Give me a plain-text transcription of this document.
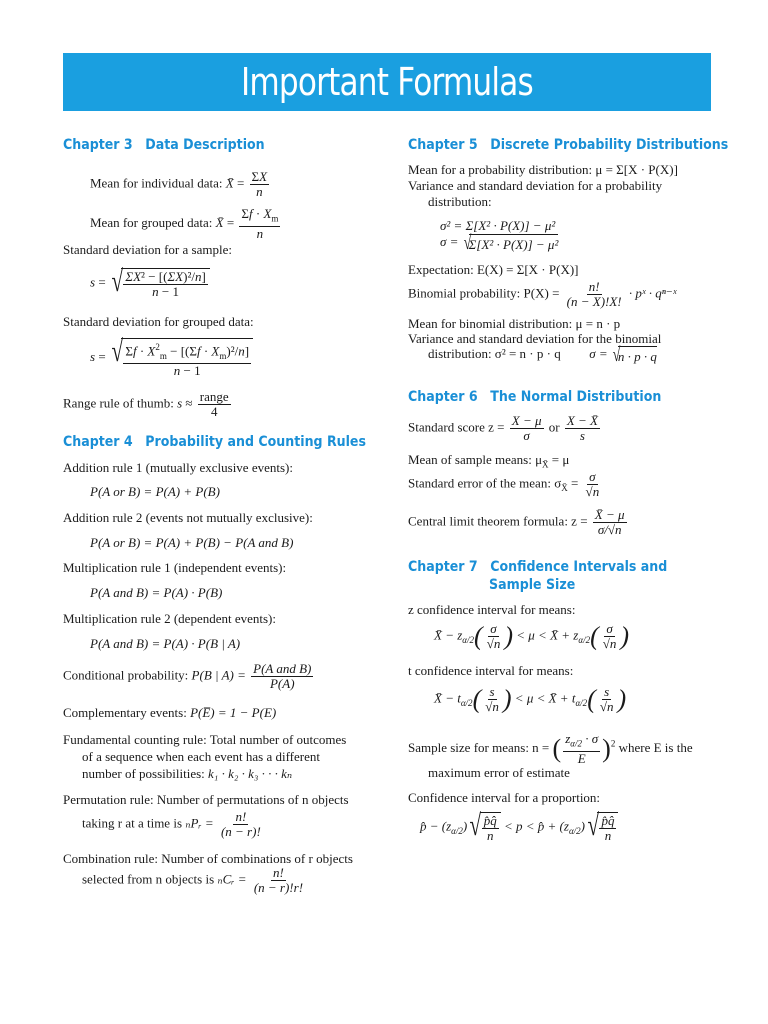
Important Formulas
Chapter 3 Data Description
Mean for individual data: X̄ = $\frac{\Sigma X}{n}$
Mean for grouped data: X̄ = $\frac{\Sigma f \cdot X_m}{n}$
Standard deviation for a sample:
s = √ $\frac{\text{ΣX² − [(ΣX)²/n]}}{n - 1}$
Standard deviation for grouped data:
s = √ $\frac{\Sigma f \cdot X^2_m - [(\Sigma f \cdot X_m)^2/n]}{n - 1}$
Range rule of thumb: $s \approx \frac{\text{range}}{4}$
Chapter 4 Probability and Counting Rules
Addition rule 1 (mutually exclusive events):
P(A or B) = P(A) + P(B)
Addition rule 2 (events not mutually exclusive):
P(A or B) = P(A) + P(B) − P(A and B)
Multiplication rule 1 (independent events):
P(A and B) = P(A) · P(B)
Multiplication rule 2 (dependent events):
P(A and B) = P(A) · P(B | A)
Conditional probability: P(B | $A) = \frac{\text{P(A and B)}}{P(A)}$
Complementary events: P(E̅) = 1 − P(E)
Fundamental counting rule: Total number of outcomes
of a sequence when each event has a different
number of possibilities: k₁ · k₂ · k₃ · · · kₙ
Permutation rule: Number of permutations of n objects
taking r at a time is ₙPᵣ = $\frac{n!}{(n - r)!}$
Combination rule: Number of combinations of r objects
selected from n objects is ₙCᵣ = $\frac{n!}{(n - r)!r!}$
Chapter 5 Discrete Probability Distributions
Mean for a probability distribution: μ = Σ[X · P(X)]
Variance and standard deviation for a probability
distribution:
σ² = Σ[X² · P(X)] − μ²
σ = √
Σ[X² · P(X)] − μ²
Expectation: E(X) = Σ[X · P(X)]
Binomial probability: $P(X) = \frac{n!}{(n - X)!X!}$ · pˣ · qⁿ⁻ˣ
Mean for binomial distribution: μ = n · p
Variance and standard deviation for the binomial
distribution: σ² = n · p · q σ = √
n · p · q
Chapter 6 The Normal Distribution
Standard score $z = \frac{X - \mu}{\sigma}$ or $\frac{X - X̄}{s}$
Mean of sample means: $\mu_{X̄} = \mu$
Standard error of the mean: $\sigma_{X̄} = \frac{\sigma}{√n}$
Central limit theorem formula: $z = \frac{X̄ - \mu}{\sigma/√n}$
Chapter 7 Confidence Intervals and
Sample Size
z confidence interval for means:
X̄ − $z_{\alpha/2}( \frac{\sigma}{√n}$ ) < μ < X̄ + $z_{\alpha/2}( \frac{\sigma}{√n}$ )
t confidence interval for means:
X̄ − $t_{\alpha/2}( \frac{s}{√n}$ ) < μ < X̄ + $t_{\alpha/2}( \frac{s}{√n}$ )
Sample size for means: n = ( $\frac{z_{\alpha/2} \cdot \sigma}{E} )^2$ where E is the
maximum error of estimate
Confidence interval for a proportion:
p̂ − $(z_{\alpha/2})$ √ $\frac{p̂q̂}{n} < p$ < p̂ + $(z_{\alpha/2})$ √ $\frac{p̂q̂}{n}$
